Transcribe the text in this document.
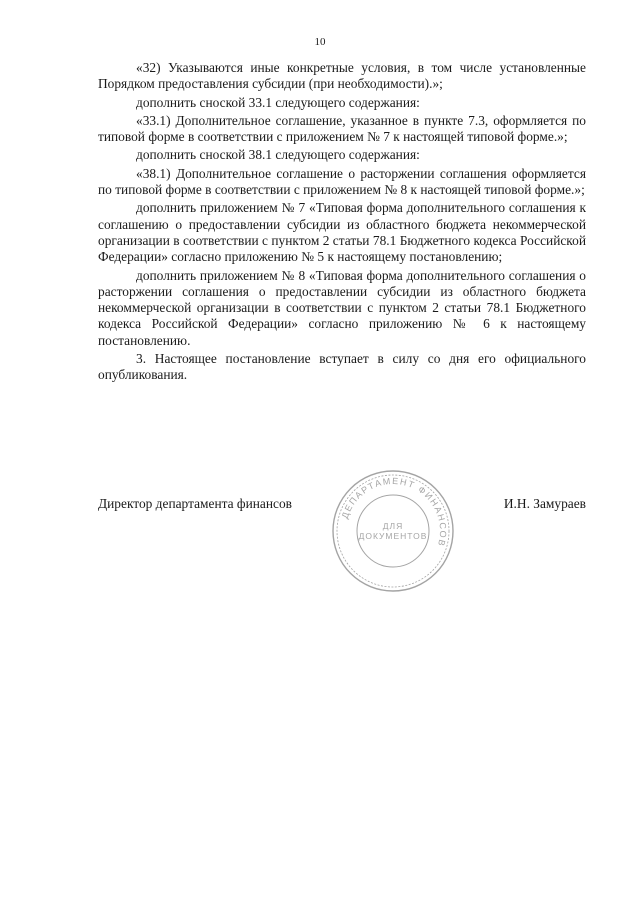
10

«32) Указываются иные конкретные условия, в том числе установленные Порядком предоставления субсидии (при необходимости).»;

дополнить сноской 33.1 следующего содержания:

«33.1) Дополнительное соглашение, указанное в пункте 7.3, оформляется по типовой форме в соответствии с приложением № 7 к настоящей типовой форме.»;

дополнить сноской 38.1 следующего содержания:

«38.1) Дополнительное соглашение о расторжении соглашения оформляется по типовой форме в соответствии с приложением № 8 к настоящей типовой форме.»;

дополнить приложением № 7 «Типовая форма дополнительного соглашения к соглашению о предоставлении субсидии из областного бюджета некоммерческой организации в соответствии с пунктом 2 статьи 78.1 Бюджетного кодекса Российской Федерации» согласно приложению № 5 к настоящему постановлению;

дополнить приложением № 8 «Типовая форма дополнительного соглашения о расторжении соглашения о предоставлении субсидии из областного бюджета некоммерческой организации в соответствии с пунктом 2 статьи 78.1 Бюджетного кодекса Российской Федерации» согласно приложению № 6 к настоящему постановлению.

3. Настоящее постановление вступает в силу со дня его официального опубликования.

Директор департамента финансов	И.Н. Замураев
ДЕПАРТАМЕНТ ФИНАНСОВ
ДЛЯ
ДОКУМЕНТОВ
